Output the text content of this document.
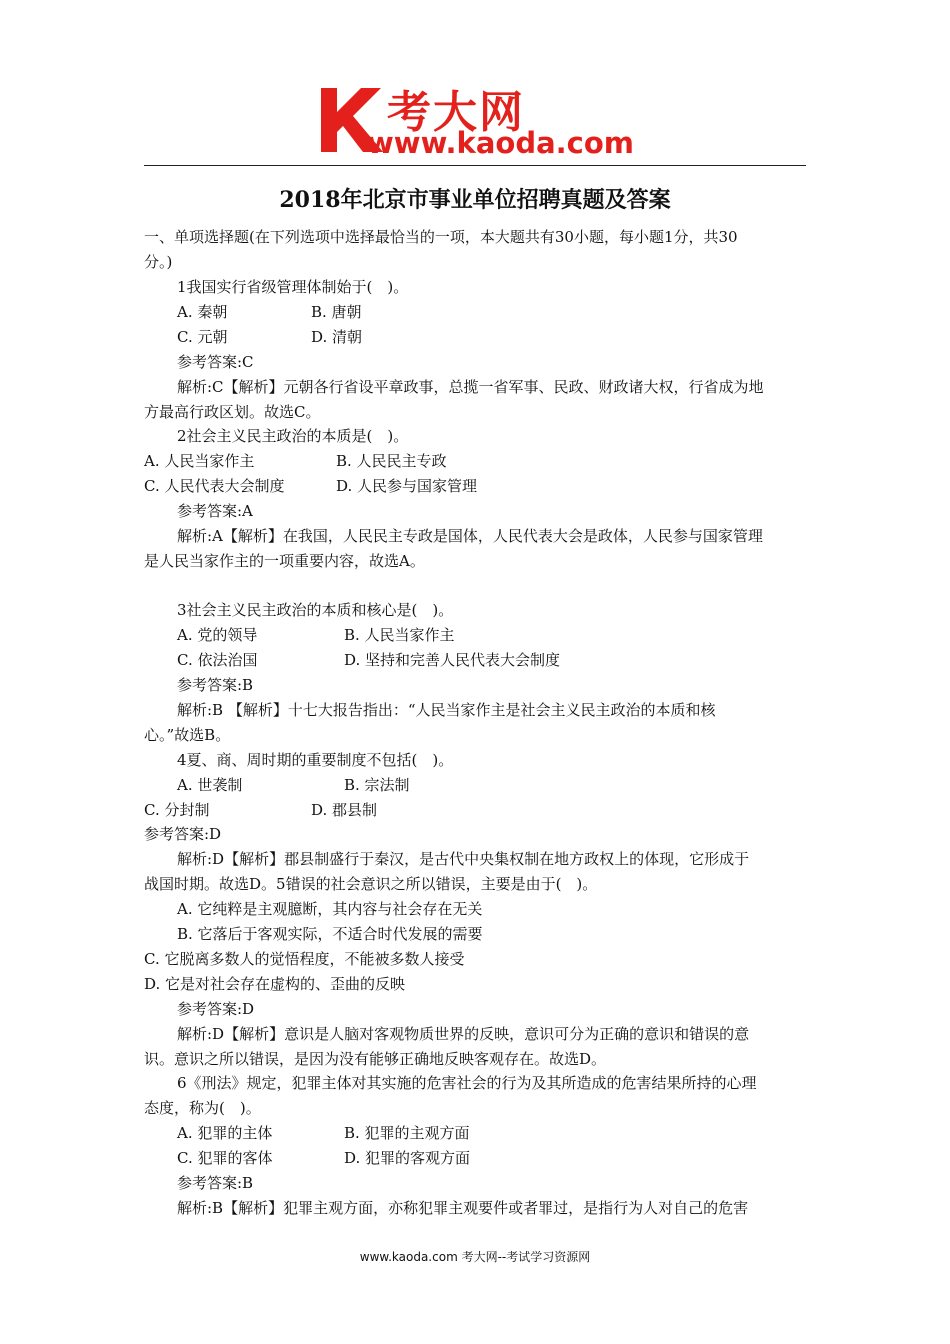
考大网
www.kaoda.com
2018年北京市事业单位招聘真题及答案
一、单项选择题(在下列选项中选择最恰当的一项，本大题共有30小题，每小题1分，共30
分。)
1我国实行省级管理体制始于(　)。
A. 秦朝	B. 唐朝
C. 元朝	D. 清朝
参考答案:C
解析:C【解析】元朝各行省设平章政事，总揽一省军事、民政、财政诸大权，行省成为地
方最高行政区划。故选C。
2社会主义民主政治的本质是(　)。
A. 人民当家作主	B. 人民民主专政
C. 人民代表大会制度	D. 人民参与国家管理
参考答案:A
解析:A【解析】在我国，人民民主专政是国体，人民代表大会是政体，人民参与国家管理
是人民当家作主的一项重要内容，故选A。
3社会主义民主政治的本质和核心是(　)。
A. 党的领导	B. 人民当家作主
C. 依法治国	D. 坚持和完善人民代表大会制度
参考答案:B
解析:B 【解析】十七大报告指出：“人民当家作主是社会主义民主政治的本质和核
心。”故选B。
4夏、商、周时期的重要制度不包括(　)。
A. 世袭制	B. 宗法制
C. 分封制	D. 郡县制
参考答案:D
解析:D【解析】郡县制盛行于秦汉，是古代中央集权制在地方政权上的体现，它形成于
战国时期。故选D。5错误的社会意识之所以错误，主要是由于(　)。
A. 它纯粹是主观臆断，其内容与社会存在无关
B. 它落后于客观实际，不适合时代发展的需要
C. 它脱离多数人的觉悟程度，不能被多数人接受
D. 它是对社会存在虚构的、歪曲的反映
参考答案:D
解析:D【解析】意识是人脑对客观物质世界的反映，意识可分为正确的意识和错误的意
识。意识之所以错误，是因为没有能够正确地反映客观存在。故选D。
6《刑法》规定，犯罪主体对其实施的危害社会的行为及其所造成的危害结果所持的心理
态度，称为(　)。
A. 犯罪的主体	B. 犯罪的主观方面
C. 犯罪的客体	D. 犯罪的客观方面
参考答案:B
解析:B【解析】犯罪主观方面，亦称犯罪主观要件或者罪过，是指行为人对自己的危害
www.kaoda.com 考大网--考试学习资源网
